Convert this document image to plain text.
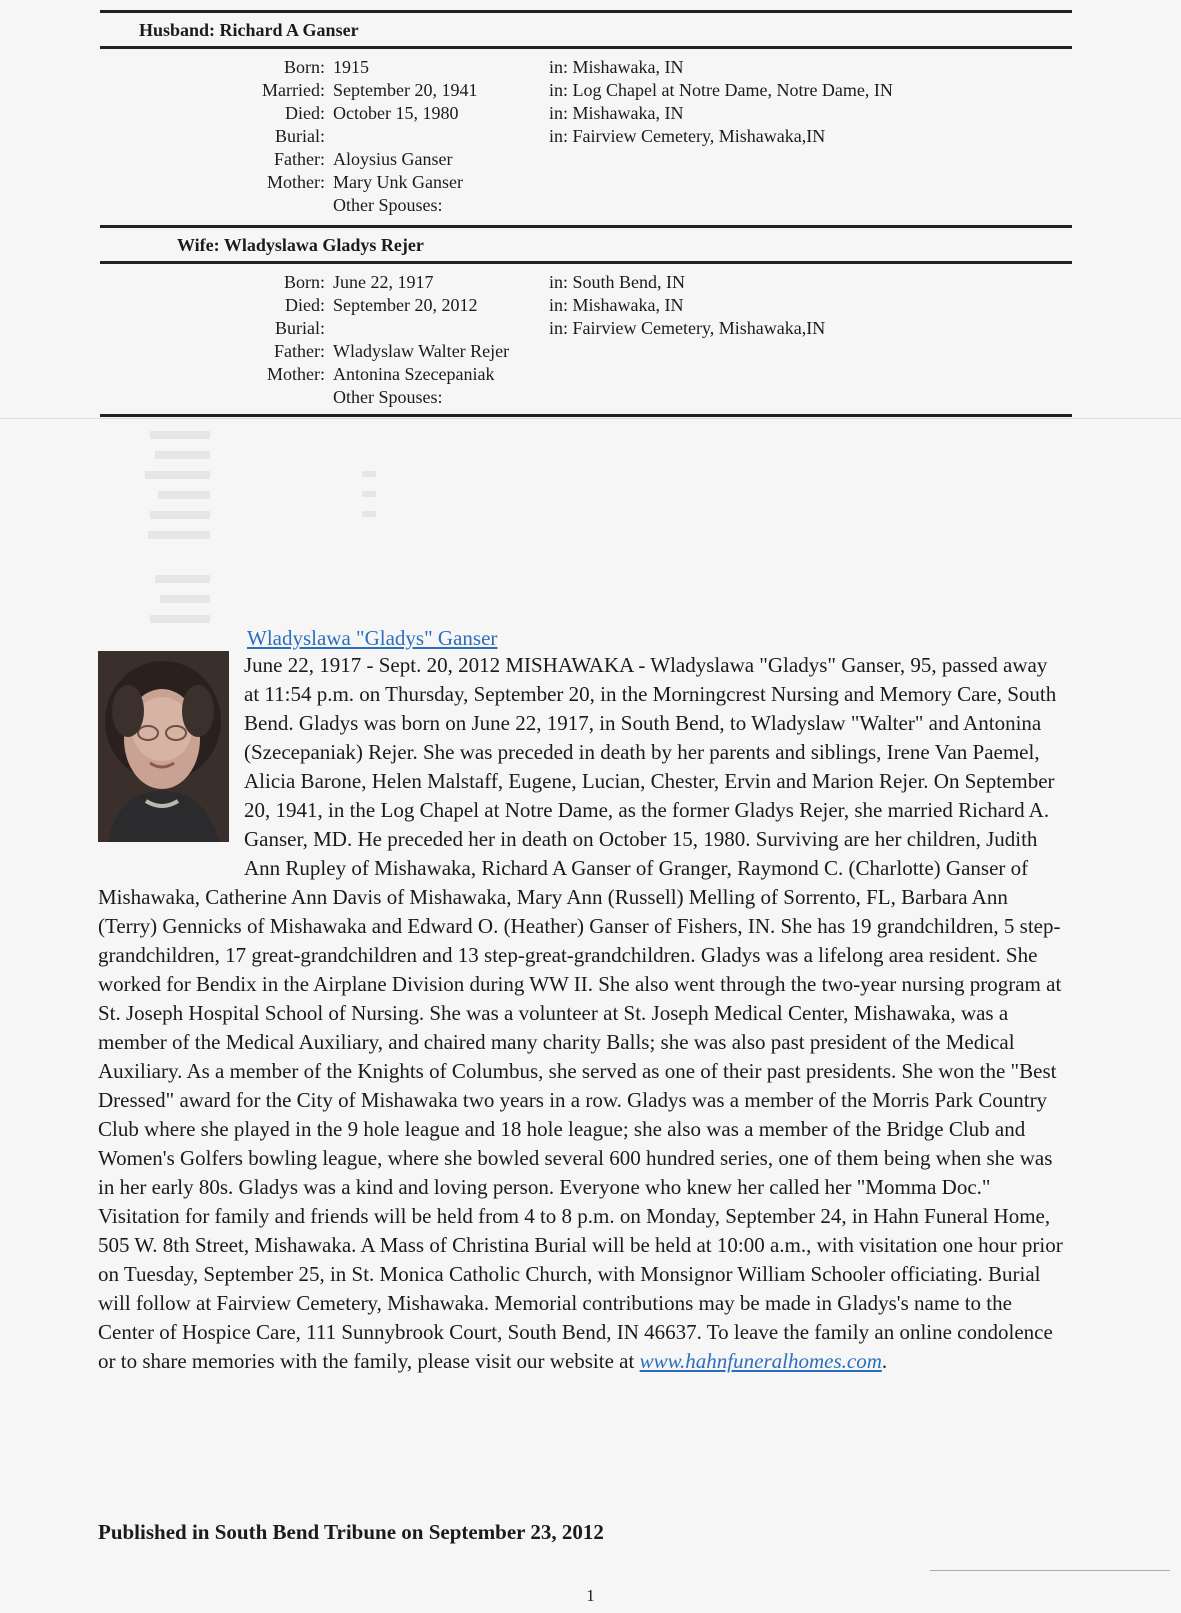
Husband: Richard A Ganser
Born: 1915	in: Mishawaka, IN
Married: September 20, 1941	in: Log Chapel at Notre Dame, Notre Dame, IN
Died: October 15, 1980	in: Mishawaka, IN
Burial:	in: Fairview Cemetery, Mishawaka,IN
Father: Aloysius Ganser
Mother: Mary Unk Ganser
Other Spouses:
Wife: Wladyslawa Gladys Rejer
Born: June 22, 1917	in: South Bend, IN
Died: September 20, 2012	in: Mishawaka, IN
Burial:	in: Fairview Cemetery, Mishawaka,IN
Father: Wladyslaw Walter Rejer
Mother: Antonina Szecepaniak
Other Spouses:
Wladyslawa "Gladys" Ganser
June 22, 1917 - Sept. 20, 2012 MISHAWAKA - Wladyslawa "Gladys" Ganser, 95, passed away at 11:54 p.m. on Thursday, September 20, in the Morningcrest Nursing and Memory Care, South Bend. Gladys was born on June 22, 1917, in South Bend, to Wladyslaw "Walter" and Antonina (Szecepaniak) Rejer. She was preceded in death by her parents and siblings, Irene Van Paemel, Alicia Barone, Helen Malstaff, Eugene, Lucian, Chester, Ervin and Marion Rejer. On September 20, 1941, in the Log Chapel at Notre Dame, as the former Gladys Rejer, she married Richard A. Ganser, MD. He preceded her in death on October 15, 1980. Surviving are her children, Judith Ann Rupley of Mishawaka, Richard A Ganser of Granger, Raymond C. (Charlotte) Ganser of Mishawaka, Catherine Ann Davis of Mishawaka, Mary Ann (Russell) Melling of Sorrento, FL, Barbara Ann (Terry) Gennicks of Mishawaka and Edward O. (Heather) Ganser of Fishers, IN. She has 19 grandchildren, 5 step-grandchildren, 17 great-grandchildren and 13 step-great-grandchildren. Gladys was a lifelong area resident. She worked for Bendix in the Airplane Division during WW II. She also went through the two-year nursing program at St. Joseph Hospital School of Nursing. She was a volunteer at St. Joseph Medical Center, Mishawaka, was a member of the Medical Auxiliary, and chaired many charity Balls; she was also past president of the Medical Auxiliary. As a member of the Knights of Columbus, she served as one of their past presidents. She won the "Best Dressed" award for the City of Mishawaka two years in a row. Gladys was a member of the Morris Park Country Club where she played in the 9 hole league and 18 hole league; she also was a member of the Bridge Club and Women's Golfers bowling league, where she bowled several 600 hundred series, one of them being when she was in her early 80s. Gladys was a kind and loving person. Everyone who knew her called her "Momma Doc." Visitation for family and friends will be held from 4 to 8 p.m. on Monday, September 24, in Hahn Funeral Home, 505 W. 8th Street, Mishawaka. A Mass of Christina Burial will be held at 10:00 a.m., with visitation one hour prior on Tuesday, September 25, in St. Monica Catholic Church, with Monsignor William Schooler officiating. Burial will follow at Fairview Cemetery, Mishawaka. Memorial contributions may be made in Gladys's name to the Center of Hospice Care, 111 Sunnybrook Court, South Bend, IN 46637. To leave the family an online condolence or to share memories with the family, please visit our website at www.hahnfuneralhomes.com.
Published in South Bend Tribune on September 23, 2012
1
